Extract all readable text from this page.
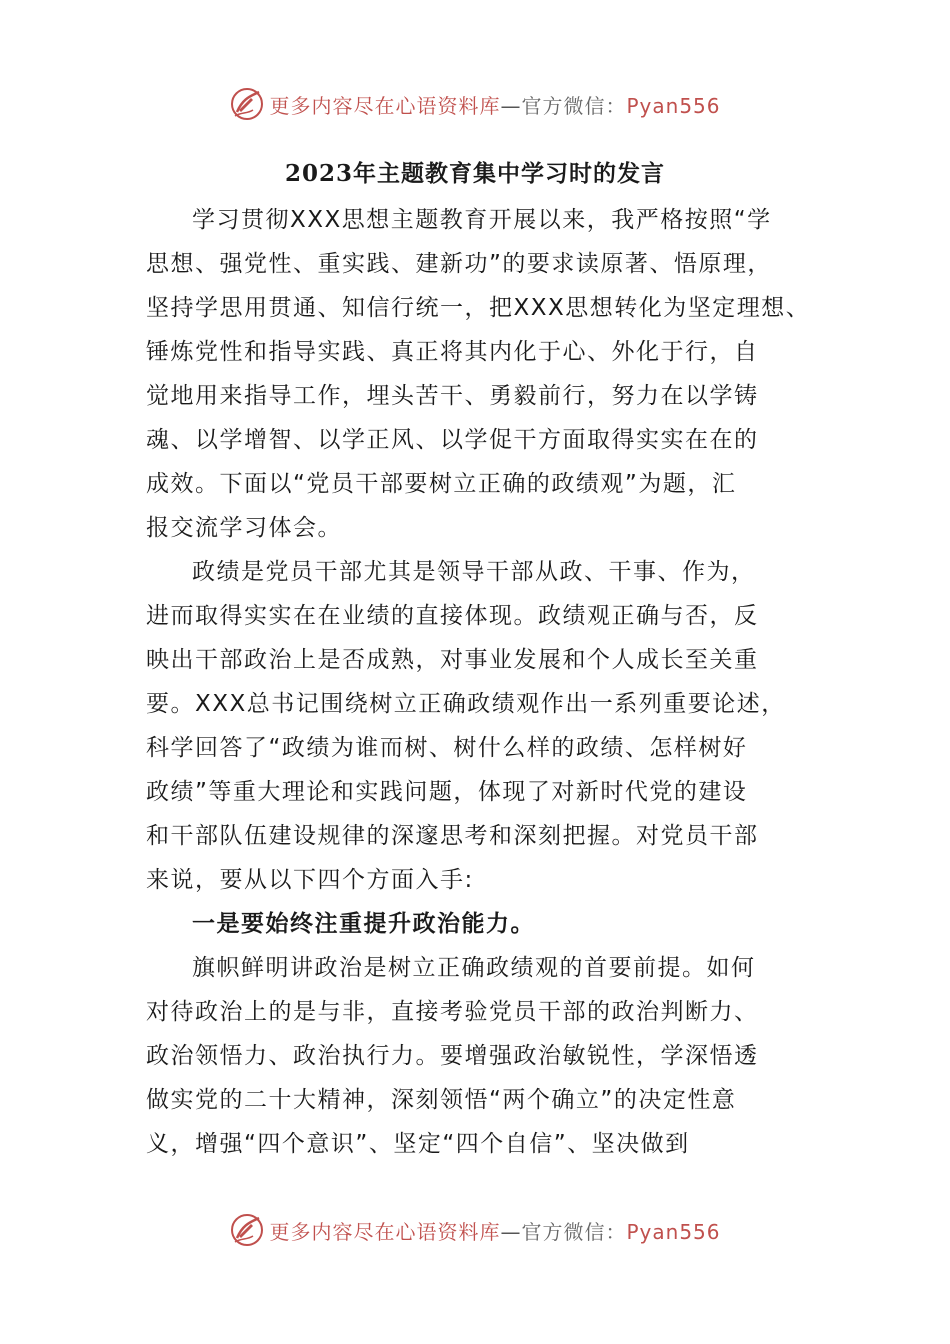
更多内容尽在心语资料库—官方微信：Pyan556
2023年主题教育集中学习时的发言
学习贯彻XXX思想主题教育开展以来，我严格按照“学
思想、强党性、重实践、建新功”的要求读原著、悟原理，
坚持学思用贯通、知信行统一，把XXX思想转化为坚定理想、
锤炼党性和指导实践、真正将其内化于心、外化于行，自
觉地用来指导工作，埋头苦干、勇毅前行，努力在以学铸
魂、以学增智、以学正风、以学促干方面取得实实在在的
成效。下面以“党员干部要树立正确的政绩观”为题，汇
报交流学习体会。
政绩是党员干部尤其是领导干部从政、干事、作为，
进而取得实实在在业绩的直接体现。政绩观正确与否，反
映出干部政治上是否成熟，对事业发展和个人成长至关重
要。XXX总书记围绕树立正确政绩观作出一系列重要论述，
科学回答了“政绩为谁而树、树什么样的政绩、怎样树好
政绩”等重大理论和实践问题，体现了对新时代党的建设
和干部队伍建设规律的深邃思考和深刻把握。对党员干部
来说，要从以下四个方面入手:
一是要始终注重提升政治能力。
旗帜鲜明讲政治是树立正确政绩观的首要前提。如何
对待政治上的是与非，直接考验党员干部的政治判断力、
政治领悟力、政治执行力。要增强政治敏锐性，学深悟透
做实党的二十大精神，深刻领悟“两个确立”的决定性意
义，增强“四个意识”、坚定“四个自信”、坚决做到
更多内容尽在心语资料库—官方微信：Pyan556
